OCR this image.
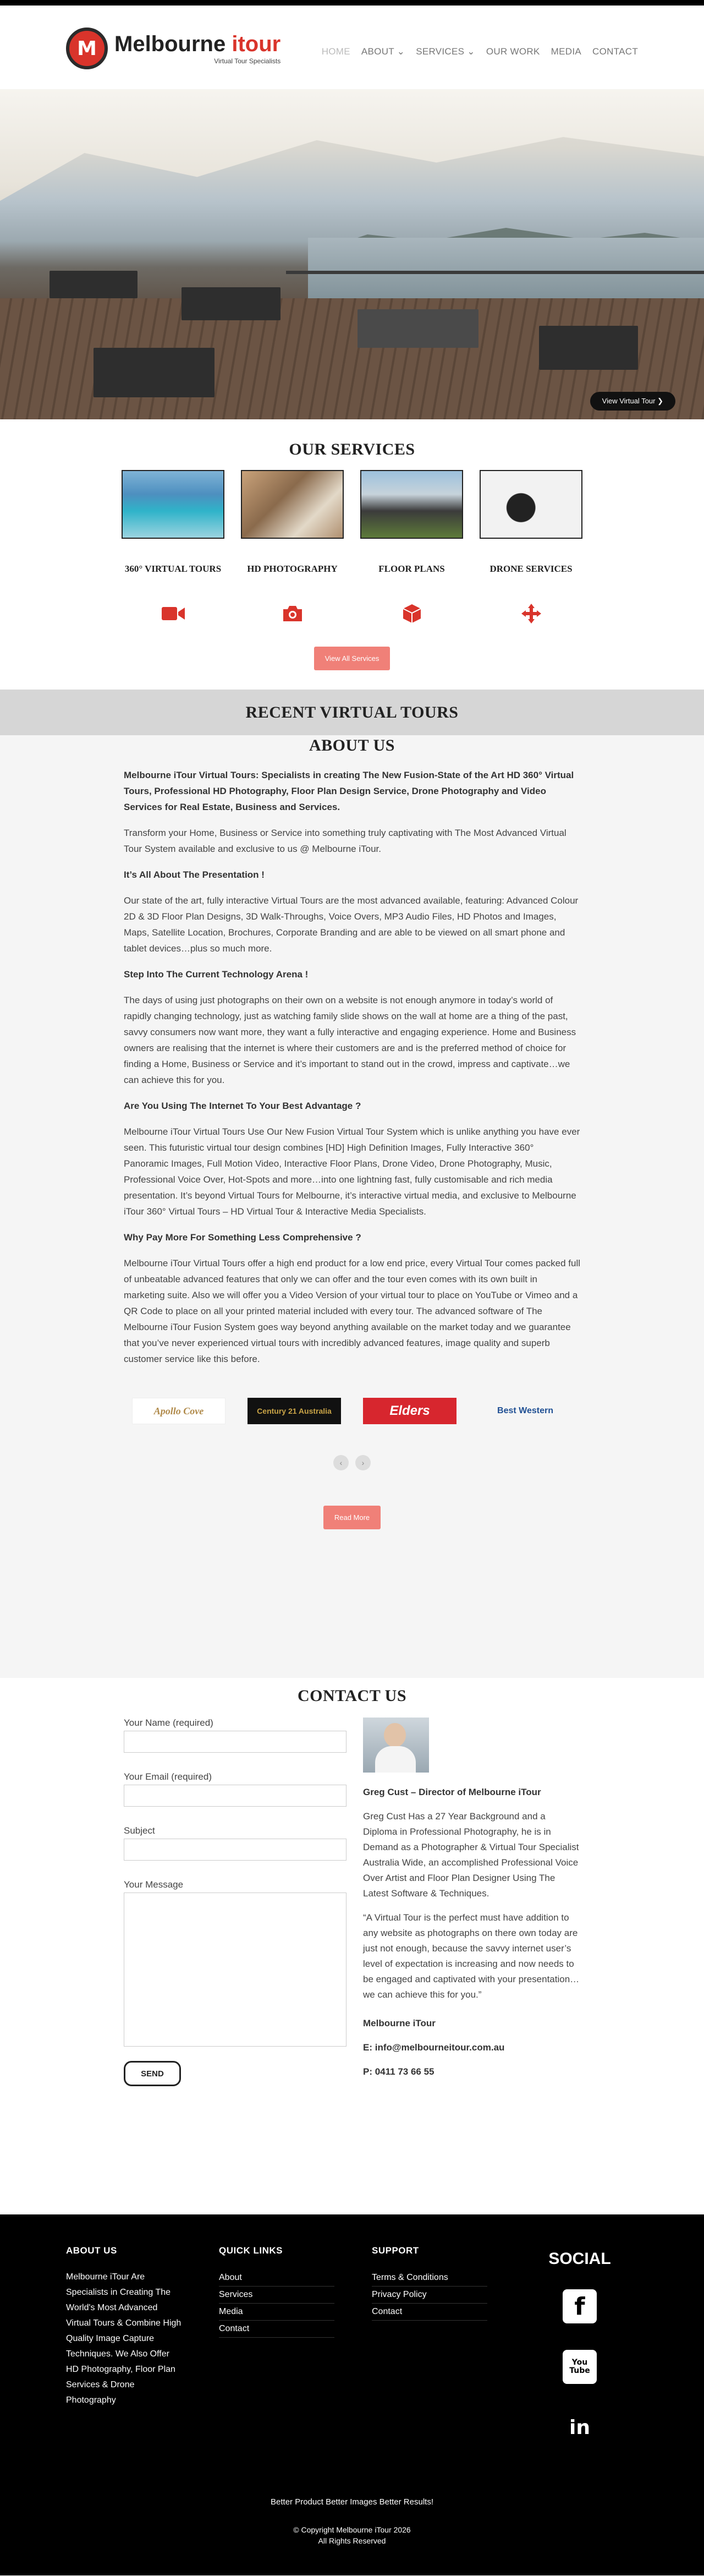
M Melbourne itour
Virtual Tour Specialists
HOME ABOUT ⌄ SERVICES ⌄ OUR WORK MEDIA CONTACT
View Virtual Tour ❯
OUR SERVICES
360° VIRTUAL TOURS	HD PHOTOGRAPHY	FLOOR PLANS	DRONE SERVICES
View All Services
RECENT VIRTUAL TOURS
ABOUT US

Melbourne iTour Virtual Tours: Specialists in creating The New Fusion-State of the Art HD 360° Virtual Tours, Professional HD Photography, Floor Plan Design Service, Drone Photography and Video Services for Real Estate, Business and Services.

Transform your Home, Business or Service into something truly captivating with The Most Advanced Virtual Tour System available and exclusive to us @ Melbourne iTour.

It’s All About The Presentation !

Our state of the art, fully interactive Virtual Tours are the most advanced available, featuring: Advanced Colour 2D & 3D Floor Plan Designs, 3D Walk-Throughs, Voice Overs, MP3 Audio Files, HD Photos and Images, Maps, Satellite Location, Brochures, Corporate Branding and are able to be viewed on all smart phone and tablet devices…plus so much more.

Step Into The Current Technology Arena !

The days of using just photographs on their own on a website is not enough anymore in today’s world of rapidly changing technology, just as watching family slide shows on the wall at home are a thing of the past, savvy consumers now want more, they want a fully interactive and engaging experience. Home and Business owners are realising that the internet is where their customers are and is the preferred method of choice for finding a Home, Business or Service and it’s important to stand out in the crowd, impress and captivate…we can achieve this for you.

Are You Using The Internet To Your Best Advantage ?

Melbourne iTour Virtual Tours Use Our New Fusion Virtual Tour System which is unlike anything you have ever seen. This futuristic virtual tour design combines [HD] High Definition Images, Fully Interactive 360° Panoramic Images, Full Motion Video, Interactive Floor Plans, Drone Video, Drone Photography, Music, Professional Voice Over, Hot-Spots and more…into one lightning fast, fully customisable and rich media presentation. It’s beyond Virtual Tours for Melbourne, it’s interactive virtual media, and exclusive to Melbourne iTour 360° Virtual Tours – HD Virtual Tour & Interactive Media Specialists.

Why Pay More For Something Less Comprehensive ?

Melbourne iTour Virtual Tours offer a high end product for a low end price, every Virtual Tour comes packed full of unbeatable advanced features that only we can offer and the tour even comes with its own built in marketing suite. Also we will offer you a Video Version of your virtual tour to place on YouTube or Vimeo and a QR Code to place on all your printed material included with every tour. The advanced software of The Melbourne iTour Fusion System goes way beyond anything available on the market today and we guarantee that you’ve never experienced virtual tours with incredibly advanced features, image quality and superb customer service like this before.

Apollo Cove	Century 21 Australia	Elders	Best Western
‹	›
Read More
CONTACT US
Your Name (required)
Your Email (required)
Subject
Your Message
SEND
Greg Cust – Director of Melbourne iTour

Greg Cust Has a 27 Year Background and a Diploma in Professional Photography, he is in Demand as a Photographer & Virtual Tour Specialist Australia Wide, an accomplished Professional Voice Over Artist and Floor Plan Designer Using The Latest Software & Techniques.

“A Virtual Tour is the perfect must have addition to any website as photographs on there own today are just not enough, because the savvy internet user’s level of expectation is increasing and now needs to be engaged and captivated with your presentation…we can achieve this for you.”

Melbourne iTour

E: info@melbourneitour.com.au

P: 0411 73 66 55

ABOUT US
Melbourne iTour Are Specialists in Creating The World's Most Advanced Virtual Tours & Combine High Quality Image Capture Techniques. We Also Offer HD Photography, Floor Plan Services & Drone Photography
QUICK LINKS
About
Services
Media
Contact
SUPPORT
Terms & Conditions
Privacy Policy
Contact
SOCIAL
f
You Tube
in
Better Product Better Images Better Results!
© Copyright Melbourne iTour 2026
All Rights Reserved
